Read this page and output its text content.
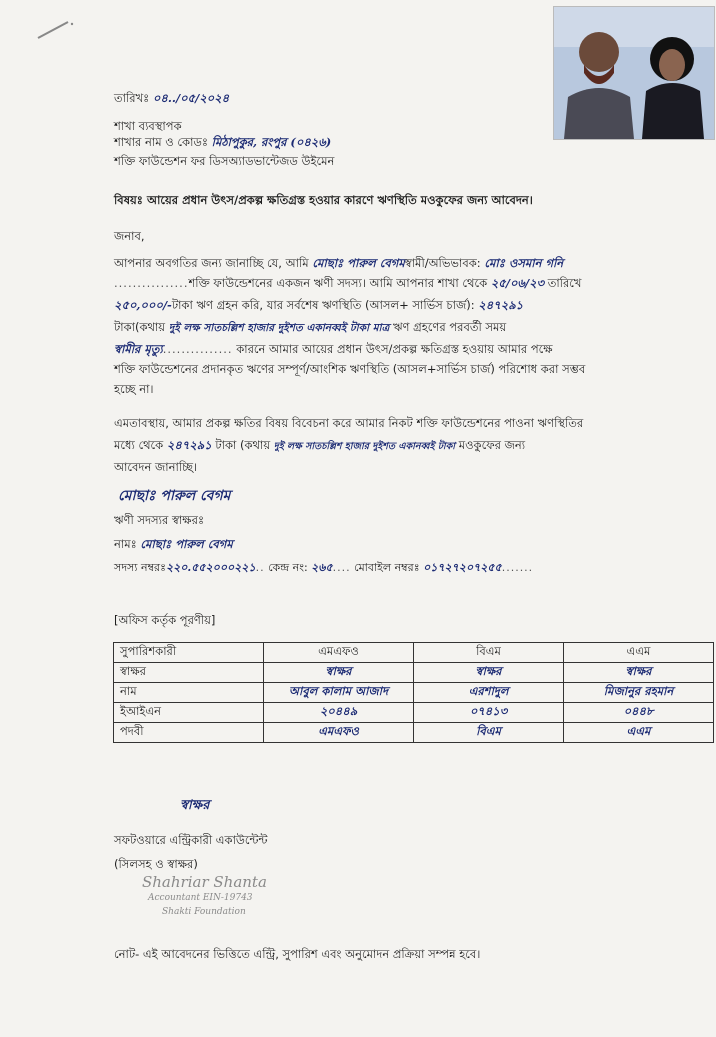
তারিখঃ ০৪../০৫/২০২৪
শাখা ব্যবস্থাপক
শাখার নাম ও কোডঃ মিঠাপুকুর, রংপুর (০৪২৬)
শক্তি ফাউন্ডেশন ফর ডিসঅ্যাডভান্টেজড উইমেন
বিষয়ঃ আয়ের প্রধান উৎস/প্রকল্প ক্ষতিগ্রস্ত হওয়ার কারণে ঋণস্থিতি মওকুফের জন্য আবেদন।
জনাব,
আপনার অবগতির জন্য জানাচ্ছি যে, আমি মোছাঃ পারুল বেগমস্বামী/অভিভাবক: মোঃ ওসমান গনি
................শক্তি ফাউন্ডেশনের একজন ঋণী সদস্য। আমি আপনার শাখা থেকে ২৫/০৬/২৩ তারিখে
২৫০,০০০/-টাকা ঋণ গ্রহন করি, যার সর্বশেষ ঋণস্থিতি (আসল+ সার্ভিস চার্জ): ২৪৭২৯১
টাকা(কথায় দুই লক্ষ সাতচল্লিশ হাজার দুইশত একানব্বই টাকা মাত্র ঋণ গ্রহণের পরবর্তী সময়
স্বামীর মৃত্যু............... কারনে আমার আয়ের প্রধান উৎস/প্রকল্প ক্ষতিগ্রস্ত হওয়ায় আমার পক্ষে
শক্তি ফাউন্ডেশনের প্রদানকৃত ঋণের সম্পূর্ণ/আংশিক ঋণস্থিতি (আসল+সার্ভিস চার্জ) পরিশোধ করা সম্ভব
হচ্ছে না।
এমতাবস্থায়, আমার প্রকল্প ক্ষতির বিষয় বিবেচনা করে আমার নিকট শক্তি ফাউন্ডেশনের পাওনা ঋণস্থিতির
মধ্যে থেকে ২৪৭২৯১ টাকা (কথায় দুই লক্ষ সাতচল্লিশ হাজার দুইশত একানব্বই টাকা মওকুফের জন্য
আবেদন জানাচ্ছি।
মোছাঃ পারুল বেগম
ঋণী সদস্যর স্বাক্ষরঃ
নামঃ মোছাঃ পারুল বেগম
সদস্য নম্বরঃ২২০.৫৫২০০০২২১.. কেন্দ্র নং: ২৬৫.... মোবাইল নম্বরঃ ০১৭২৭২০৭২৫৫.......
[অফিস কর্তৃক পূরণীয়]
সুপারিশকারী	এমএফও	বিএম	এএম
স্বাক্ষর	স্বাক্ষর	স্বাক্ষর	স্বাক্ষর
নাম	আবুল কালাম আজাদ	এরশাদুল	মিজানুর রহমান
ইআইএন	২০৪৪৯	০৭৪১৩	০৪৪৮
পদবী	এমএফও	বিএম	এএম
স্বাক্ষর
সফটওয়ারে এন্ট্রিকারী একাউন্টেন্ট
(সিলসহ ও স্বাক্ষর)
Shahriar Shanta
Accountant EIN-19743
Shakti Foundation
নোট- এই আবেদনের ভিত্তিতে এন্ট্রি, সুপারিশ এবং অনুমোদন প্রক্রিয়া সম্পন্ন হবে।
